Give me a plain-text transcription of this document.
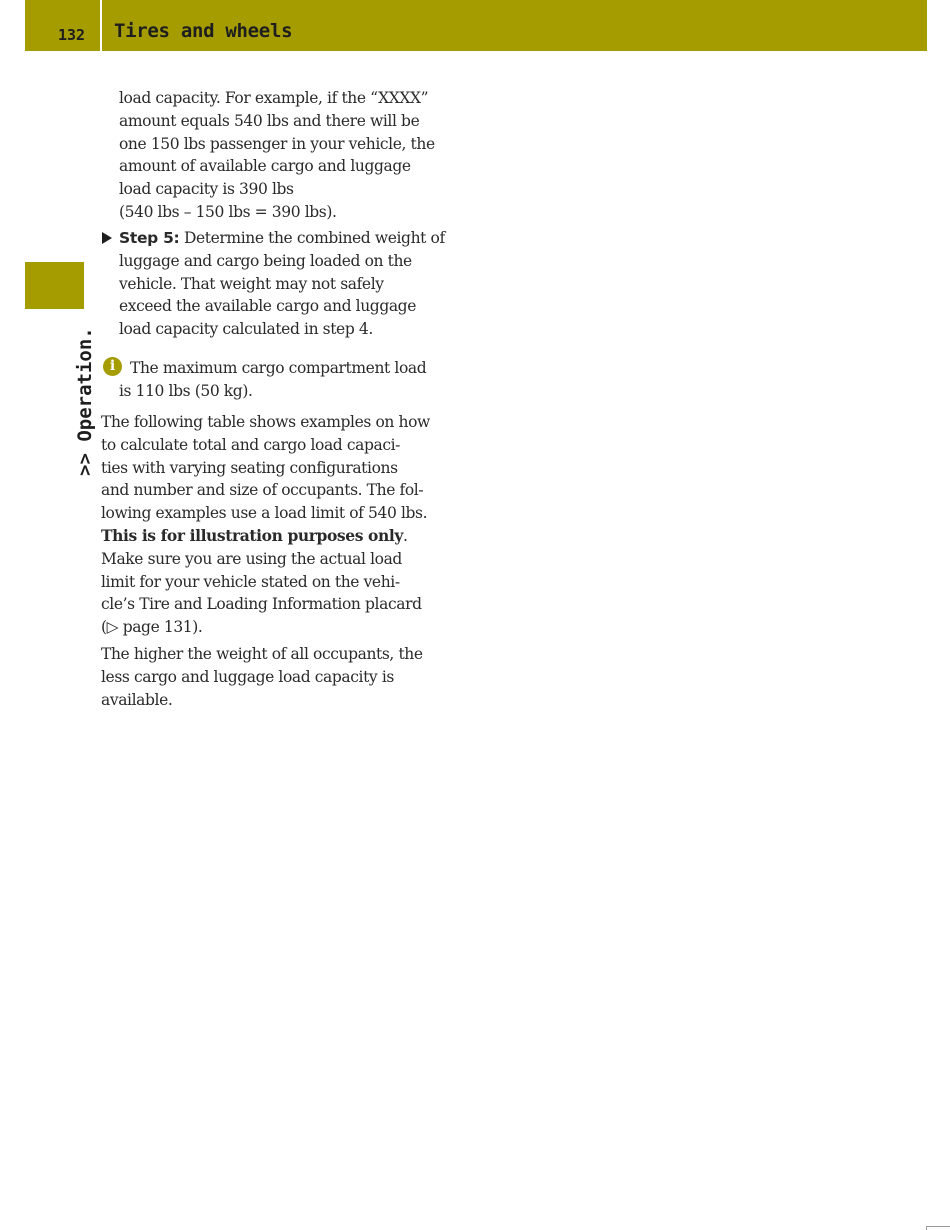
132 Tires and wheels
>> Operation.
load capacity. For example, if the “XXXX”
amount equals 540 lbs and there will be
one 150 lbs passenger in your vehicle, the
amount of available cargo and luggage
load capacity is 390 lbs
(540 lbs – 150 lbs = 390 lbs).
Step 5: Determine the combined weight of
luggage and cargo being loaded on the
vehicle. That weight may not safely
exceed the available cargo and luggage
load capacity calculated in step 4.
i The maximum cargo compartment load
is 110 lbs (50 kg).
The following table shows examples on how
to calculate total and cargo load capaci-
ties with varying seating configurations
and number and size of occupants. The fol-
lowing examples use a load limit of 540 lbs.
This is for illustration purposes only.
Make sure you are using the actual load
limit for your vehicle stated on the vehi-
cle’s Tire and Loading Information placard
(▷ page 131).
The higher the weight of all occupants, the
less cargo and luggage load capacity is
available.
